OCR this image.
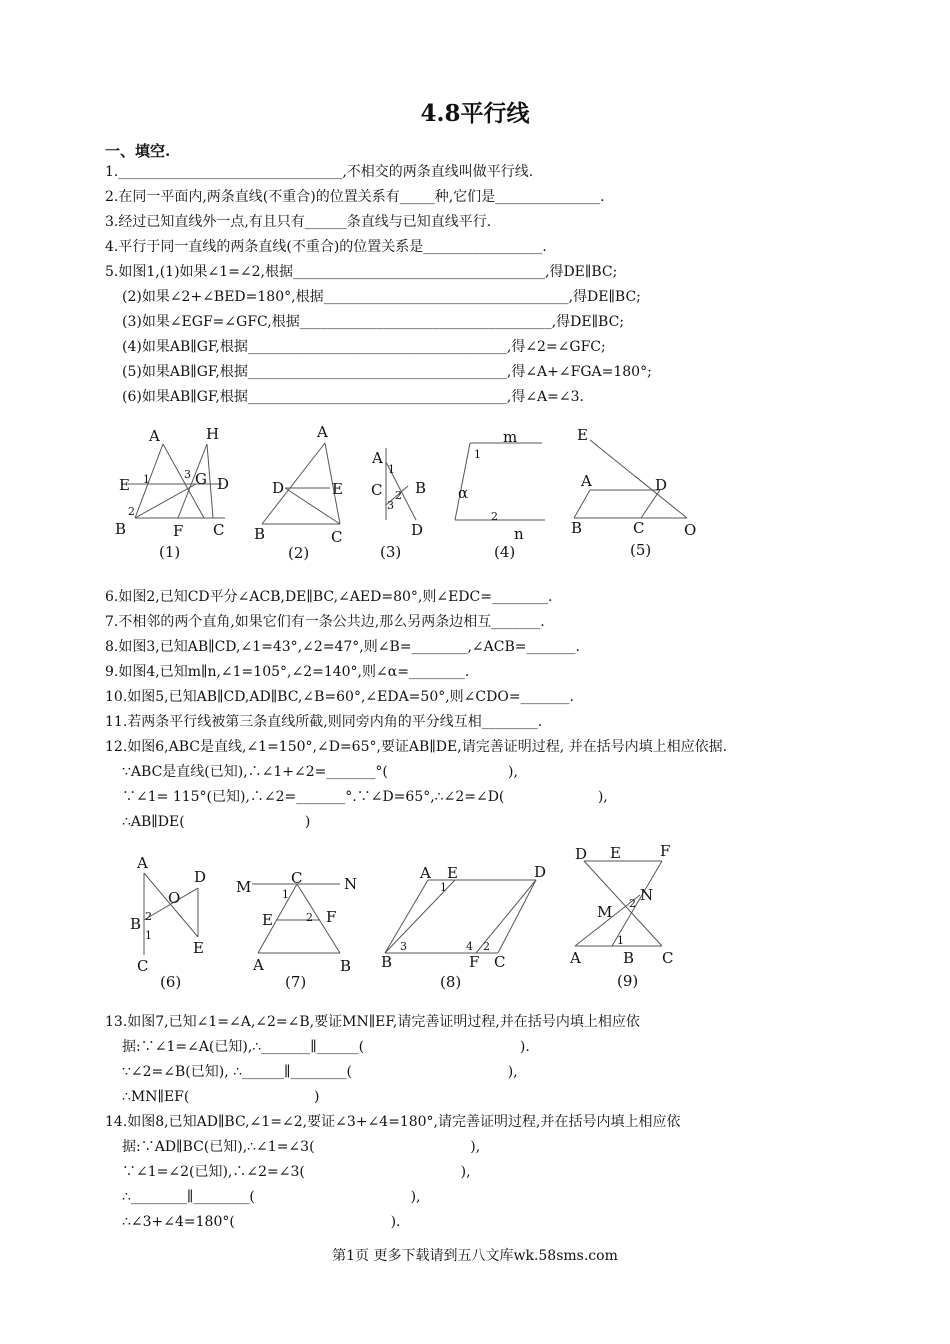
4.8平行线
一、填空.
1.________________________________,不相交的两条直线叫做平行线.
2.在同一平面内,两条直线(不重合)的位置关系有_____种,它们是_______________.
3.经过已知直线外一点,有且只有______条直线与已知直线平行.
4.平行于同一直线的两条直线(不重合)的位置关系是_________________.
5.如图1,(1)如果∠1=∠2,根据____________________________________,得DE∥BC;
(2)如果∠2+∠BED=180°,根据___________________________________,得DE∥BC;
(3)如果∠EGF=∠GFC,根据____________________________________,得DE∥BC;
(4)如果AB∥GF,根据_____________________________________,得∠2=∠GFC;
(5)如果AB∥GF,根据_____________________________________,得∠A+∠FGA=180°;
(6)如果AB∥GF,根据_____________________________________,得∠A=∠3.
A	H
E	G D
B	F C
1
2
3
A
D	E
B	C
A
C B
D
1
2
3
m
n
α
1
2
E
A	D
B	C	O
(1)	(2)	(3)	(4)	(5)
6.如图2,已知CD平分∠ACB,DE∥BC,∠AED=80°,则∠EDC=________.
7.不相邻的两个直角,如果它们有一条公共边,那么另两条边相互_______.
8.如图3,已知AB∥CD,∠1=43°,∠2=47°,则∠B=________,∠ACB=_______.
9.如图4,已知m∥n,∠1=105°,∠2=140°,则∠α=________.
10.如图5,已知AB∥CD,AD∥BC,∠B=60°,∠EDA=50°,则∠CDO=_______.
11.若两条平行线被第三条直线所截,则同旁内角的平分线互相________.
12.如图6,ABC是直线,∠1=150°,∠D=65°,要证AB∥DE,请完善证明过程, 并在括号内填上相应依据.
∵ABC是直线(已知),∴∠1+∠2=_______°(                           ),
∵∠1= 115°(已知),∴∠2=_______°.∵∠D=65°,∴∠2=∠D(                     ),
∴AB∥DE(                           )
A
D
O
B
E
C
1
2
M	C	N
E	F
A	B
1
2
A E	D
B	F C
1
2
3	4
D E	F
M
N
A	B C
1
2
(6)	(7)	(8)	(9)
13.如图7,已知∠1=∠A,∠2=∠B,要证MN∥EF,请完善证明过程,并在括号内填上相应依
据:∵∠1=∠A(已知),∴_______∥______(                                   ).
∵∠2=∠B(已知), ∴______∥________(                                   ),
∴MN∥EF(                            )
14.如图8,已知AD∥BC,∠1=∠2,要证∠3+∠4=180°,请完善证明过程,并在括号内填上相应依
据:∵AD∥BC(已知),∴∠1=∠3(                                   ),
∵∠1=∠2(已知),∴∠2=∠3(                                   ),
∴________∥________(                                   ),
∴∠3+∠4=180°(                                   ).
第1页 更多下载请到五八文库wk.58sms.com
